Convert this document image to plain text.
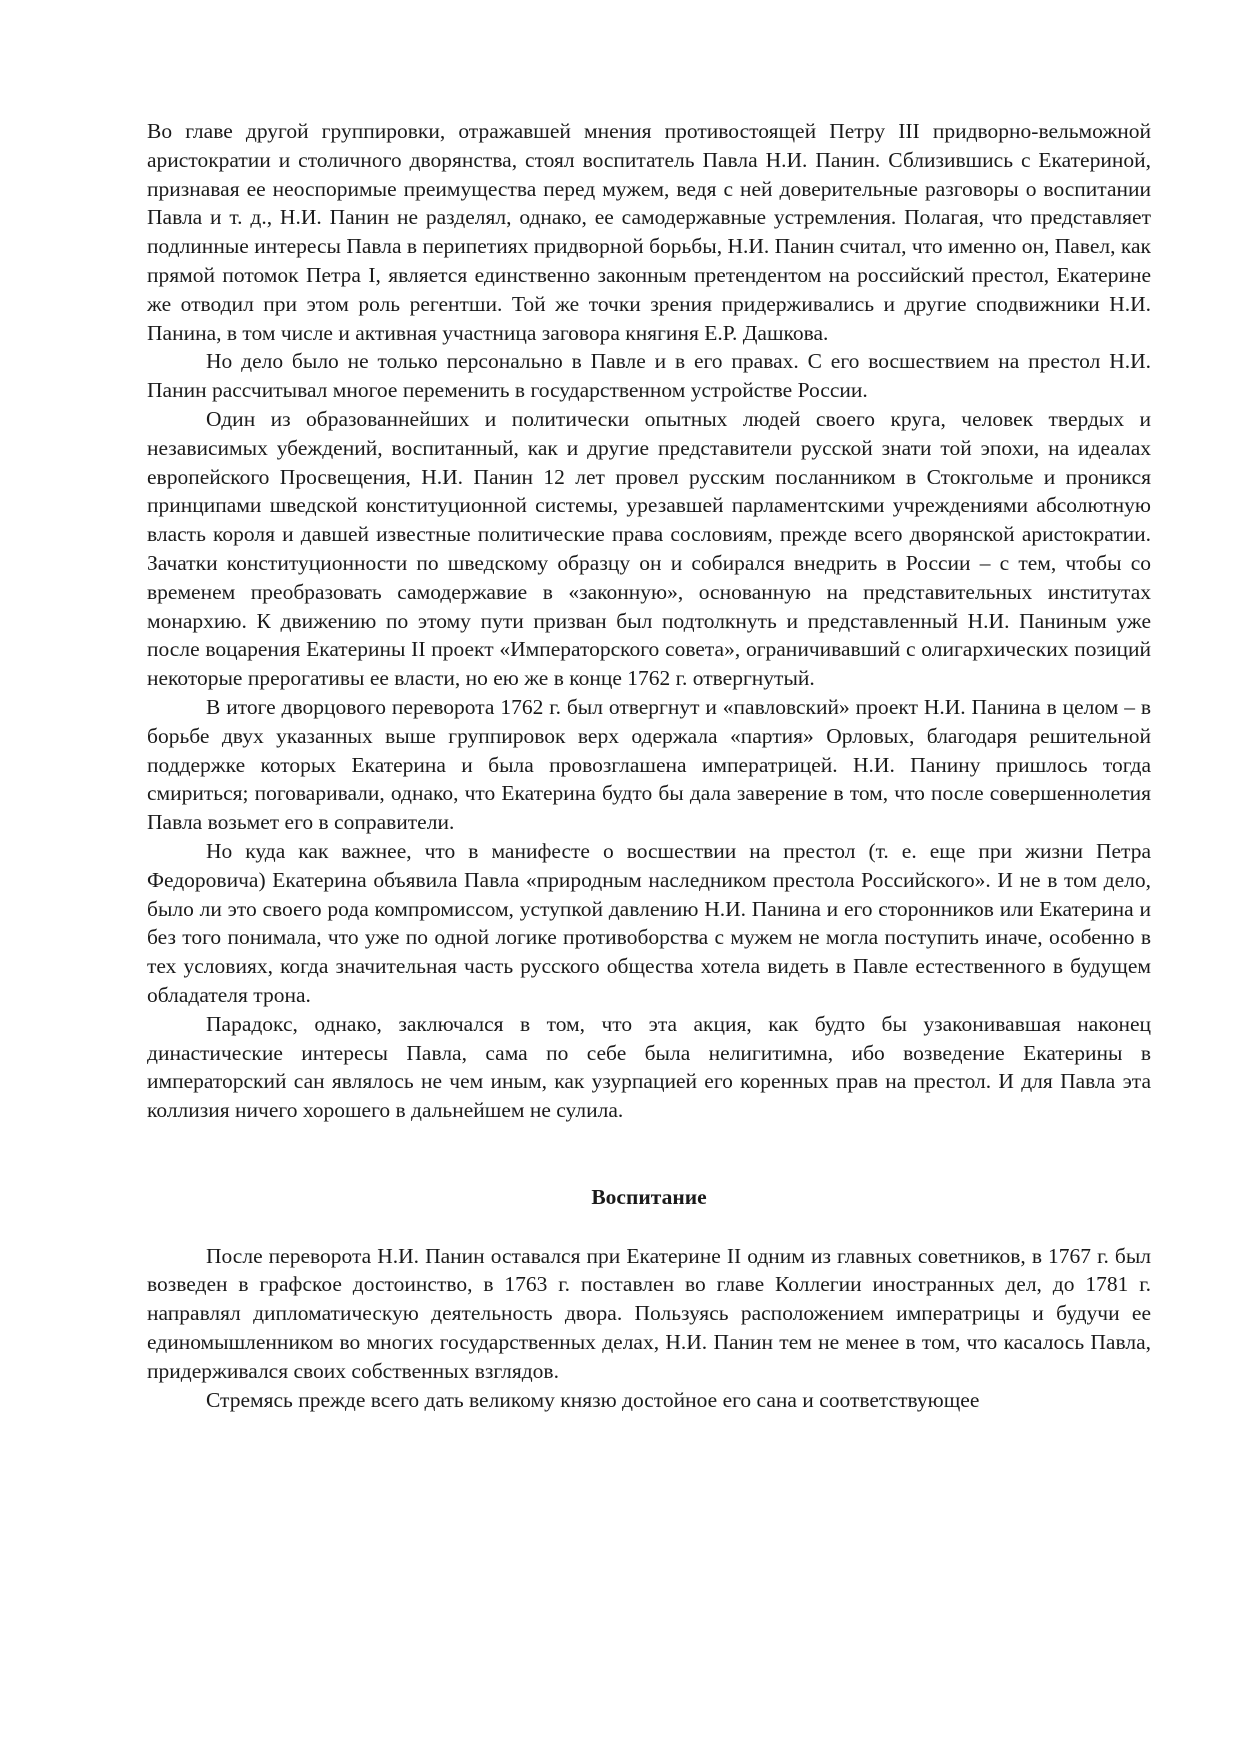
Во главе другой группировки, отражавшей мнения противостоящей Петру III придворно-вельможной аристократии и столичного дворянства, стоял воспитатель Павла Н.И. Панин. Сблизившись с Екатериной, признавая ее неоспоримые преимущества перед мужем, ведя с ней доверительные разговоры о воспитании Павла и т. д., Н.И. Панин не разделял, однако, ее самодержавные устремления. Полагая, что представляет подлинные интересы Павла в перипетиях придворной борьбы, Н.И. Панин считал, что именно он, Павел, как прямой потомок Петра I, является единственно законным претендентом на российский престол, Екатерине же отводил при этом роль регентши. Той же точки зрения придерживались и другие сподвижники Н.И. Панина, в том числе и активная участница заговора княгиня Е.Р. Дашкова.

Но дело было не только персонально в Павле и в его правах. С его восшествием на престол Н.И. Панин рассчитывал многое переменить в государственном устройстве России.

Один из образованнейших и политически опытных людей своего круга, человек твердых и независимых убеждений, воспитанный, как и другие представители русской знати той эпохи, на идеалах европейского Просвещения, Н.И. Панин 12 лет провел русским посланником в Стокгольме и проникся принципами шведской конституционной системы, урезавшей парламентскими учреждениями абсолютную власть короля и давшей известные политические права сословиям, прежде всего дворянской аристократии. Зачатки конституционности по шведскому образцу он и собирался внедрить в России – с тем, чтобы со временем преобразовать самодержавие в «законную», основанную на представительных институтах монархию. К движению по этому пути призван был подтолкнуть и представленный Н.И. Паниным уже после воцарения Екатерины II проект «Императорского совета», ограничивавший с олигархических позиций некоторые прерогативы ее власти, но ею же в конце 1762 г. отвергнутый.

В итоге дворцового переворота 1762 г. был отвергнут и «павловский» проект Н.И. Панина в целом – в борьбе двух указанных выше группировок верх одержала «партия» Орловых, благодаря решительной поддержке которых Екатерина и была провозглашена императрицей. Н.И. Панину пришлось тогда смириться; поговаривали, однако, что Екатерина будто бы дала заверение в том, что после совершеннолетия Павла возьмет его в соправители.

Но куда как важнее, что в манифесте о восшествии на престол (т. е. еще при жизни Петра Федоровича) Екатерина объявила Павла «природным наследником престола Российского». И не в том дело, было ли это своего рода компромиссом, уступкой давлению Н.И. Панина и его сторонников или Екатерина и без того понимала, что уже по одной логике противоборства с мужем не могла поступить иначе, особенно в тех условиях, когда значительная часть русского общества хотела видеть в Павле естественного в будущем обладателя трона.

Парадокс, однако, заключался в том, что эта акция, как будто бы узаконивавшая наконец династические интересы Павла, сама по себе была нелигитимна, ибо возведение Екатерины в императорский сан являлось не чем иным, как узурпацией его коренных прав на престол. И для Павла эта коллизия ничего хорошего в дальнейшем не сулила.

Воспитание

После переворота Н.И. Панин оставался при Екатерине II одним из главных советников, в 1767 г. был возведен в графское достоинство, в 1763 г. поставлен во главе Коллегии иностранных дел, до 1781 г. направлял дипломатическую деятельность двора. Пользуясь расположением императрицы и будучи ее единомышленником во многих государственных делах, Н.И. Панин тем не менее в том, что касалось Павла, придерживался своих собственных взглядов.

Стремясь прежде всего дать великому князю достойное его сана и соответствующее
